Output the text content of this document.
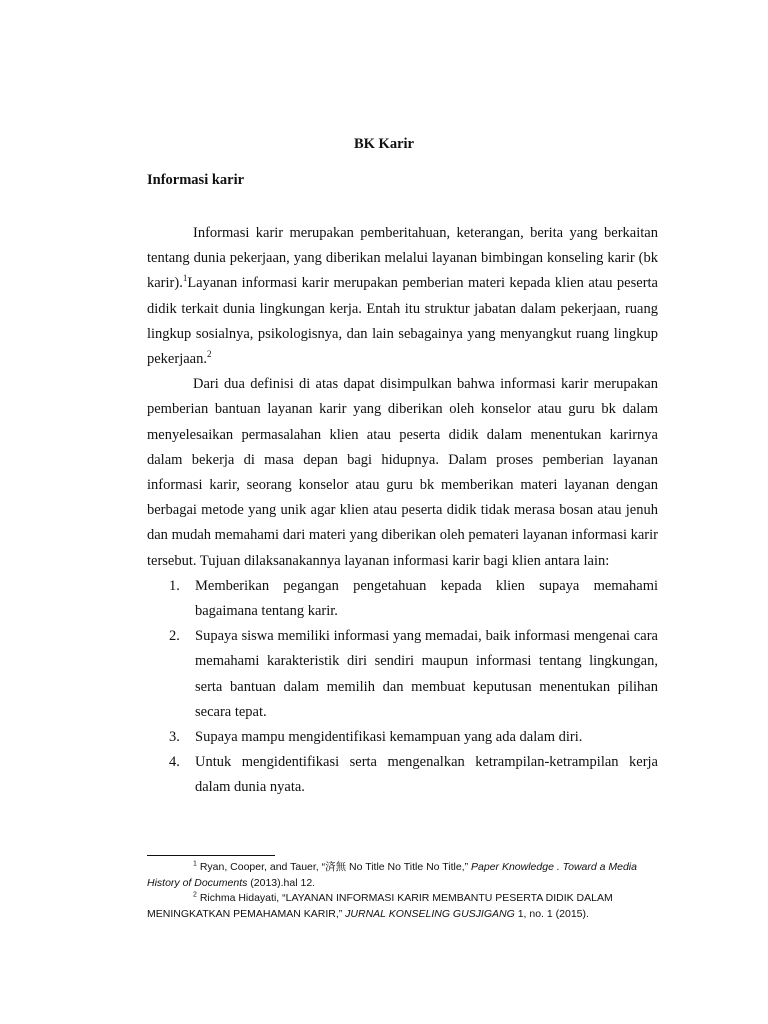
BK Karir
Informasi karir

Informasi karir merupakan pemberitahuan, keterangan, berita yang berkaitan tentang dunia pekerjaan, yang diberikan melalui layanan bimbingan konseling karir (bk karir).$^1$Layanan informasi karir merupakan pemberian materi kepada klien atau peserta didik terkait dunia lingkungan kerja. Entah itu struktur jabatan dalam pekerjaan, ruang lingkup sosialnya, psikologisnya, dan lain sebagainya yang menyangkut ruang lingkup pekerjaan.$^2$

Dari dua definisi di atas dapat disimpulkan bahwa informasi karir merupakan pemberian bantuan layanan karir yang diberikan oleh konselor atau guru bk dalam menyelesaikan permasalahan klien atau peserta didik dalam menentukan karirnya dalam bekerja di masa depan bagi hidupnya. Dalam proses pemberian layanan informasi karir, seorang konselor atau guru bk memberikan materi layanan dengan berbagai metode yang unik agar klien atau peserta didik tidak merasa bosan atau jenuh dan mudah memahami dari materi yang diberikan oleh pemateri layanan informasi karir tersebut. Tujuan dilaksanakannya layanan informasi karir bagi klien antara lain:

1. Memberikan pegangan pengetahuan kepada klien supaya memahami bagaimana tentang karir.
2. Supaya siswa memiliki informasi yang memadai, baik informasi mengenai cara memahami karakteristik diri sendiri maupun informasi tentang lingkungan, serta bantuan dalam memilih dan membuat keputusan menentukan pilihan secara tepat.
3. Supaya mampu mengidentifikasi kemampuan yang ada dalam diri.
4. Untuk mengidentifikasi serta mengenalkan ketrampilan-ketrampilan kerja dalam dunia nyata.

$^1$ Ryan, Cooper, and Tauer, “済無 No Title No Title No Title,” Paper Knowledge . Toward a Media History of Documents (2013).hal 12.

$^2$ Richma Hidayati, “LAYANAN INFORMASI KARIR MEMBANTU PESERTA DIDIK DALAM MENINGKATKAN PEMAHAMAN KARIR,” JURNAL KONSELING GUSJIGANG 1, no. 1 (2015).
